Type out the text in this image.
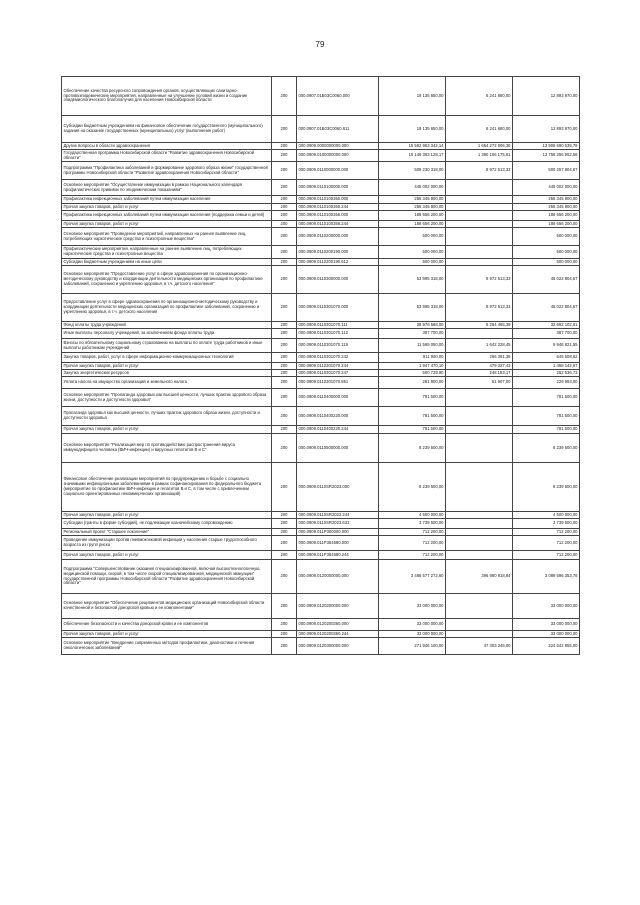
79
Обеспечение качества ресурсного сопровождения органов, осуществляющих санитарно-противоэпидемические мероприятия, направленные на улучшение условий жизни и создание эпидемиологического благополучия для населения Новосибирской области	200	000.0907.01Б03С0060.000	19 135 650,00	6 241 680,00	12 893 970,00
Субсидии бюджетным учреждениям на финансовое обеспечение государственного (муниципального) задания на оказание государственных (муниципальных) услуг (выполнение работ)	200	000.0907.01Б03С0060.611	19 135 650,00	6 241 680,00	12 893 970,00
Другие вопросы в области здравоохранения	200	000.0909.0000000000.000	15 562 963 342,14	1 654 272 806,36	13 908 690 535,78
Государственная программа Новосибирской области "Развитие здравоохранения Новосибирской области"	200	000.0909.0100000000.000	15 146 363 128,17	1 390 106 175,61	13 756 256 952,56
Подпрограмма "Профилактика заболеваний и формирование здорового образа жизни" государственной программы Новосибирской области "Развитие здравоохранения Новосибирской области"	200	000.0909.0110000000.000	509 230 318,00	8 972 513,33	500 257 804,67
Основное мероприятие "Осуществление иммунизации в рамках Национального календаря профилактических прививок по эпидемическим показаниям"	200	000.0909.0110100000.000	445 002 000,00		445 002 000,00
Профилактика инфекционных заболеваний путем иммунизации населения	200	000.0909.0110100350.000	256 345 800,00		256 345 800,00
Прочая закупка товаров, работ и услуг	200	000.0909.0110100350.244	256 345 800,00		256 345 800,00
Профилактика инфекционных заболеваний путем иммунизации населения (поддержка семьи и детей)	200	000.0909.0110100356.000	188 656 200,00		188 656 200,00
Прочая закупка товаров, работ и услуг	200	000.0909.0110100356.244	188 656 200,00		188 656 200,00
Основное мероприятие "Проведение мероприятий, направленных на раннее выявление лиц, потребляющих наркотические средства и психотропные вещества"	200	000.0909.0110200000.000	500 000,00		500 000,00
Профилактические мероприятия, направленные на раннее выявление лиц, потребляющих наркотические средства и психотропные вещества	200	000.0909.0110200190.000	500 000,00		500 000,00
Субсидии бюджетным учреждениям на иные цели	200	000.0909.0110200190.612	500 000,00		500 000,00
Основное мероприятие "Предоставление услуг в сфере здравоохранения по организационно-методическому руководству и координации деятельности медицинских организаций по профилактике заболеваний, сохранению и укреплению здоровья, в т.ч. детского населения"	200	000.0909.0110300000.000	53 995 318,00	8 972 513,33	45 022 804,67
Предоставление услуг в сфере здравоохранения по организационно-методическому руководству и координации деятельности медицинских организаций по профилактике заболеваний, сохранению и укреплению здоровья, в т.ч. детского населения	200	000.0909.0110301070.000	53 995 318,00	8 972 513,33	45 022 804,67
Фонд оплаты труда учреждений	200	000.0909.0110301070.111	38 976 568,00	6 284 465,39	32 692 102,61
Иные выплаты персоналу учреждений, за исключением фонда оплаты труда	200	000.0909.0110301070.112	387 700,00		387 700,00
Взносы по обязательному социальному страхованию на выплаты по оплате труда работников и иные выплаты работникам учреждений	200	000.0909.0110301070.119	11 589 050,00	1 642 228,45	9 946 821,55
Закупка товаров, работ, услуг в сфере информационно-коммуникационных технологий	200	000.0909.0110301070.242	911 900,00	266 391,38	645 508,62
Прочая закупка товаров, работ и услуг	200	000.0909.0110301070.244	1 947 470,10	479 327,43	1 468 142,67
Закупка энергетических ресурсов	200	000.0909.0110301070.247	500 729,90	248 193,17	252 536,73
Уплата налога на имущество организаций и земельного налога	200	000.0909.0110301070.851	281 900,00	51 907,00	229 993,00
Основное мероприятие "Пропаганда здоровых как высшей ценности, лучших практик здорового образа жизни, доступности и доступности здоровья"	200	000.0909.0110400000.000	781 500,00		781 500,00
Пропаганда здоровья как высшей ценности, лучших практик здорового образа жизни, доступности и доступности здоровья	200	000.0909.0110400220.000	781 500,00		781 500,00
Прочая закупка товаров, работ и услуг	200	000.0909.0110400220.244	781 500,00		781 500,00
Основное мероприятие "Реализация мер по противодействию распространения вируса иммунодефицита человека (ВИЧ-инфекции) и вирусных гепатитов В и С"	200	000.0909.0110500000.000	8 239 500,00		8 239 500,00
Финансовое обеспечение реализации мероприятий по предупреждению и борьбе с социально значимыми инфекционными заболеваниями в рамках софинансирования по федерального бюджета (мероприятие по профилактике ВИЧ-инфекции и гепатитов В и С, в том числе с привлечением социально ориентированных некоммерческих организаций)	200	000.0909.0110SR2023.000	8 239 500,00		8 239 500,00
Прочая закупка товаров, работ и услуг	200	000.0909.0110SR2023.244	4 500 000,00		4 500 000,00
Субсидии (гранты в форме субсидий), не подлежащие казначейскому сопровождению	200	000.0909.0110SR2023.633	3 739 500,00		3 739 500,00
Региональный проект "Старшее поколение"	200	000.0909.011P300000.000	712 200,00		712 200,00
Проведение иммунизации против пневмококковой инфекции у населения старше трудоспособного возраста из групп риска	200	000.0909.011P354680.000	712 200,00		712 200,00
Прочая закупка товаров, работ и услуг	200	000.0909.011P354680.244	712 200,00		712 200,00
Подпрограмма "Совершенствование оказания специализированной, включая высокотехнологичную, медицинской помощи, скорой, в том числе скорой специализированной, медицинской эвакуации" государственной программы Новосибирской области "Развитие здравоохранения Новосибирской области"	200	000.0909.0120000000.000	3 486 577 272,60	396 980 918,84	3 089 596 353,76
Основное мероприятие "Обеспечение реципиентов медицинских организаций Новосибирской области качественной и безопасной донорской кровью и ее компонентами"	200	000.0909.0120200000.000	33 000 000,00		33 000 000,00
Обеспечение безопасности и качества донорской крови и ее компонентов	200	000.0909.0120200360.000	33 000 000,00		33 000 000,00
Прочая закупка товаров, работ и услуг	200	000.0909.0120200360.244	33 000 000,00		33 000 000,00
Основное мероприятие "Внедрение современных методов профилактики, диагностики и лечения онкологических заболеваний"	200	000.0909.0120300000.000	271 946 100,00	47 303 245,00	224 642 855,00
